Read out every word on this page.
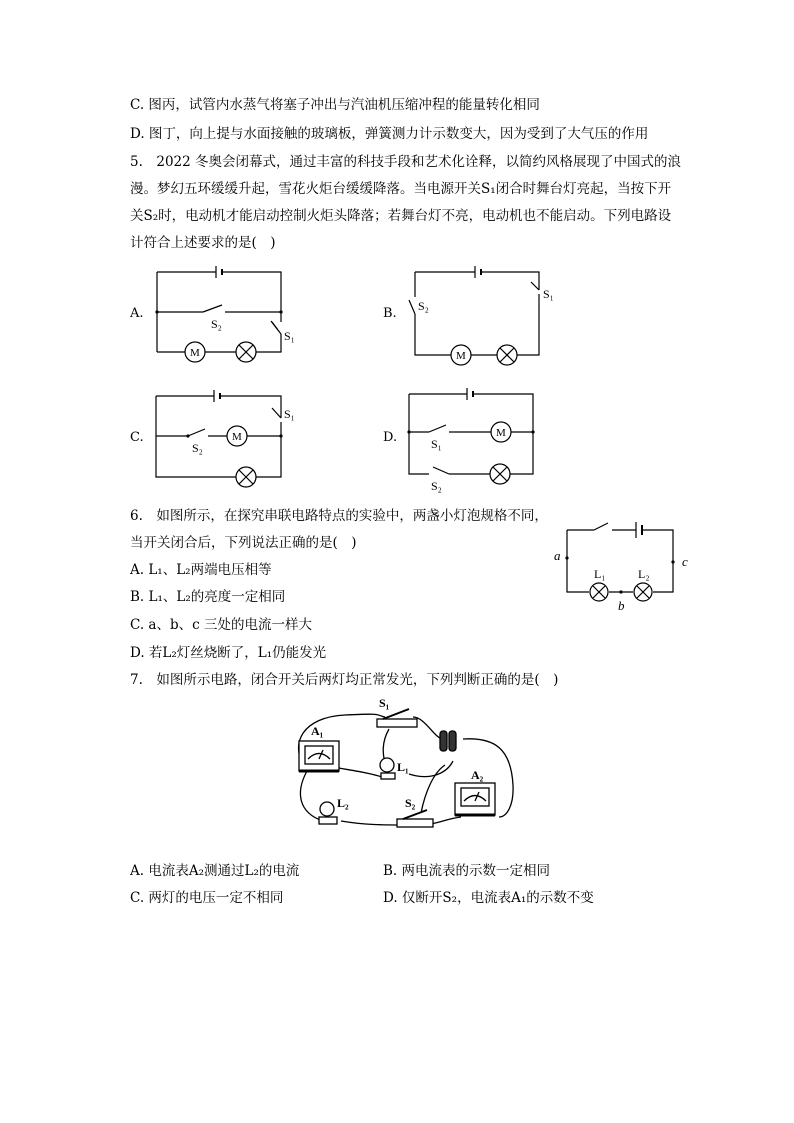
C. 图丙，试管内水蒸气将塞子冲出与汽油机压缩冲程的能量转化相同
D. 图丁，向上提与水面接触的玻璃板，弹簧测力计示数变大，因为受到了大气压的作用
5.　2022 冬奥会闭幕式，通过丰富的科技手段和艺术化诠释，以简约风格展现了中国式的浪
漫。梦幻五环缓缓升起，雪花火炬台缓缓降落。当电源开关S₁闭合时舞台灯亮起，当按下开
关S₂时，电动机才能启动控制火炬头降落；若舞台灯不亮，电动机也不能启动。下列电路设
计符合上述要求的是(　)
A.	B.
C.	D.
M
S₂
S₁
M
S₂
S₁
M
S₂
S₁
M
S₁
S₂
6.　如图所示，在探究串联电路特点的实验中，两盏小灯泡规格不同，
当开关闭合后，下列说法正确的是(　)
A. L₁、L₂两端电压相等
B. L₁、L₂的亮度一定相同
C. a、b、c 三处的电流一样大
D. 若L₂灯丝烧断了，L₁仍能发光
a	c
b
L₁	L₂
7.　如图所示电路，闭合开关后两灯均正常发光，下列判断正确的是(　)
A₁
A₂
S₁
S₂
L₁
L₂
A. 电流表A₂测通过L₂的电流	B. 两电流表的示数一定相同
C. 两灯的电压一定不相同	D. 仅断开S₂，电流表A₁的示数不变
